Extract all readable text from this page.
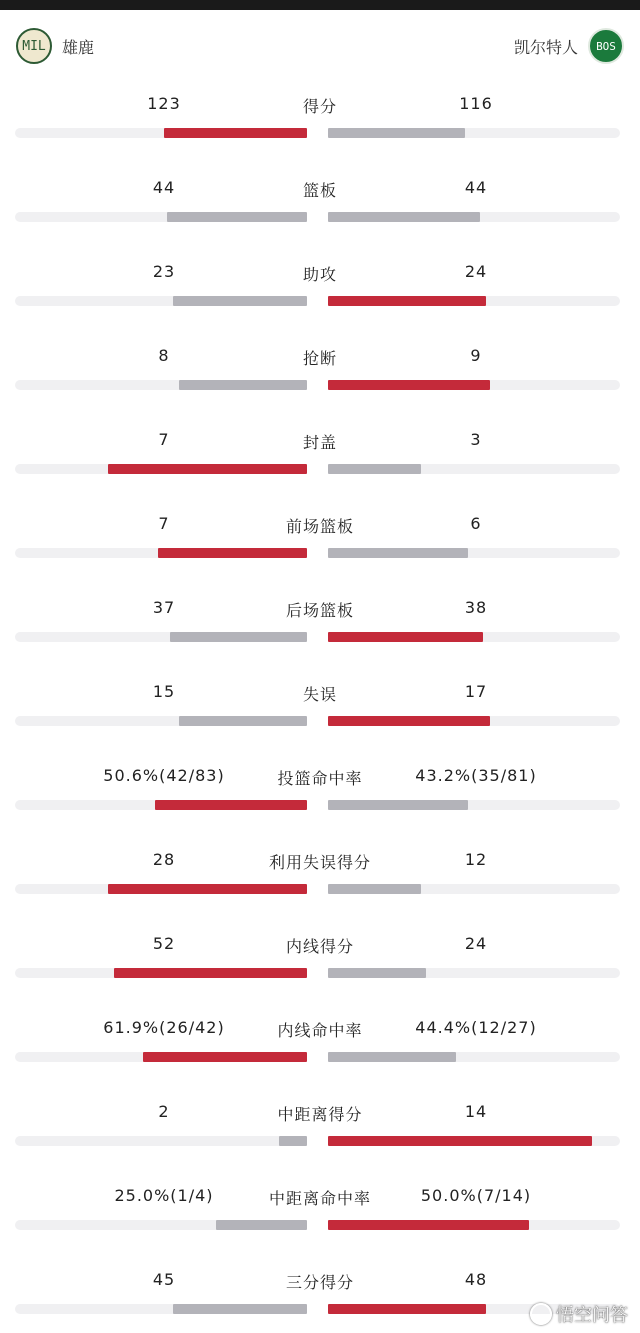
MIL	雄鹿	凯尔特人	BOS
123	得分	116
44	篮板	44
23	助攻	24
8	抢断	9
7	封盖	3
7	前场篮板	6
37	后场篮板	38
15	失误	17
50.6%(42/83)	投篮命中率	43.2%(35/81)
28	利用失误得分	12
52	内线得分	24
61.9%(26/42)	内线命中率	44.4%(12/27)
2	中距离得分	14
25.0%(1/4)	中距离命中率	50.0%(7/14)
45	三分得分	48
悟空问答
